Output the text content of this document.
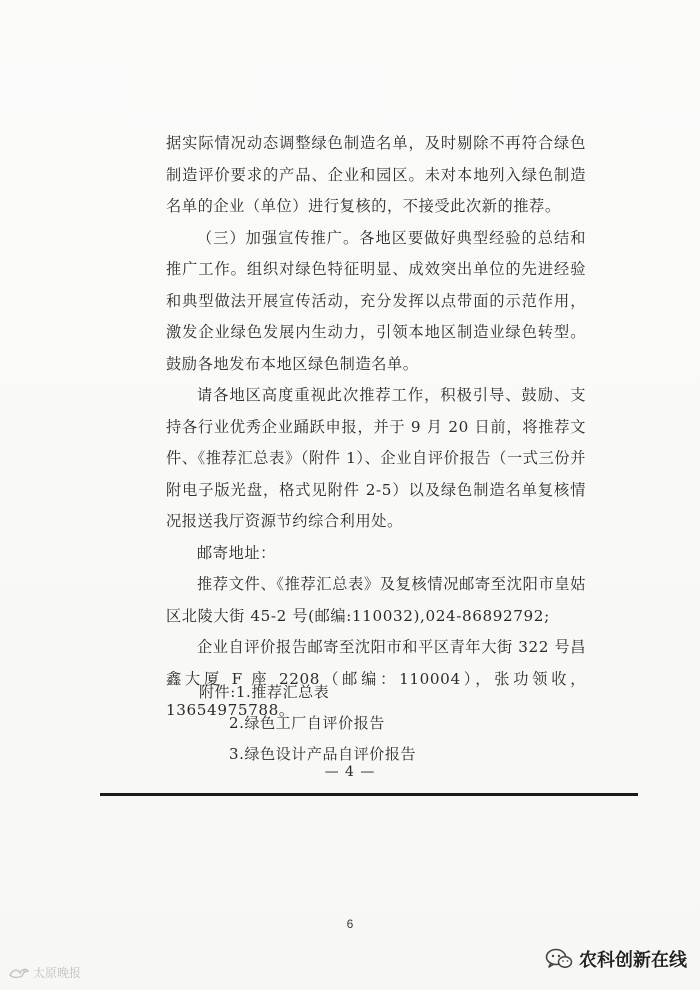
据实际情况动态调整绿色制造名单，及时剔除不再符合绿色制造评价要求的产品、企业和园区。未对本地列入绿色制造名单的企业（单位）进行复核的，不接受此次新的推荐。

（三）加强宣传推广。各地区要做好典型经验的总结和推广工作。组织对绿色特征明显、成效突出单位的先进经验和典型做法开展宣传活动，充分发挥以点带面的示范作用，激发企业绿色发展内生动力，引领本地区制造业绿色转型。鼓励各地发布本地区绿色制造名单。

请各地区高度重视此次推荐工作，积极引导、鼓励、支持各行业优秀企业踊跃申报，并于 9 月 20 日前，将推荐文件、《推荐汇总表》（附件 1）、企业自评价报告（一式三份并附电子版光盘，格式见附件 2-5）以及绿色制造名单复核情况报送我厅资源节约综合利用处。

邮寄地址：

推荐文件、《推荐汇总表》及复核情况邮寄至沈阳市皇姑区北陵大街 45-2 号(邮编:110032),024-86892792;

企业自评价报告邮寄至沈阳市和平区青年大街 322 号昌鑫大厦 F 座 2208（邮编：110004），张功领收，13654975788。

附件:1.推荐汇总表

2.绿色工厂自评价报告

3.绿色设计产品自评价报告

— 4 —
6
太原晚报
农科创新在线
